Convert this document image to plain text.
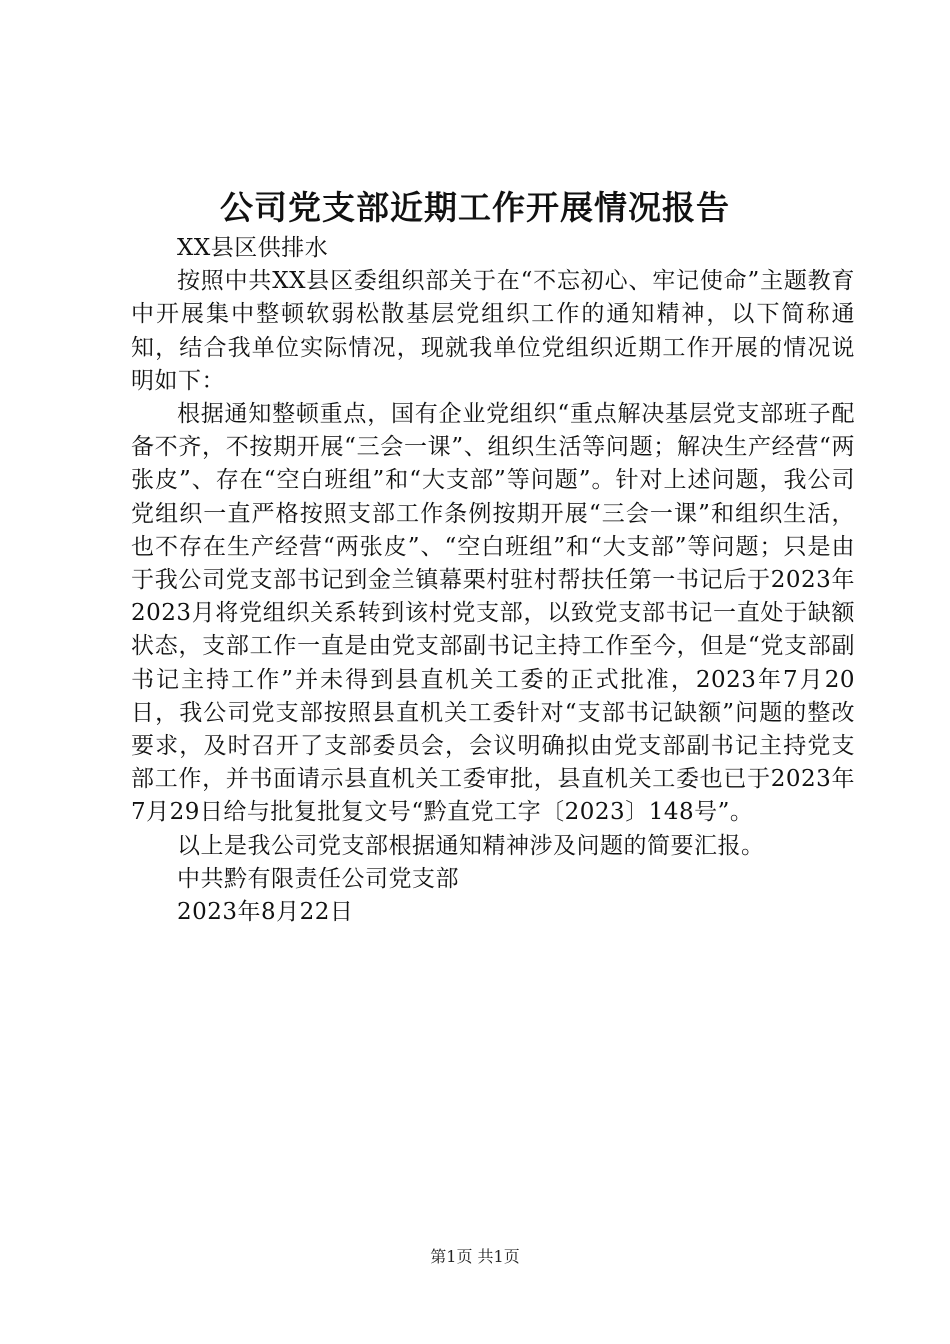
公司党支部近期工作开展情况报告

XX县区供排水

按照中共XX县区委组织部关于在“不忘初心、牢记使命”主题教育中开展集中整顿软弱松散基层党组织工作的通知精神，以下简称通知，结合我单位实际情况，现就我单位党组织近期工作开展的情况说明如下：

根据通知整顿重点，国有企业党组织“重点解决基层党支部班子配备不齐，不按期开展“三会一课”、组织生活等问题；解决生产经营“两张皮”、存在“空白班组”和“大支部”等问题”。针对上述问题，我公司党组织一直严格按照支部工作条例按期开展“三会一课”和组织生活，也不存在生产经营“两张皮”、“空白班组”和“大支部”等问题；只是由于我公司党支部书记到金兰镇幕栗村驻村帮扶任第一书记后于2023年2023月将党组织关系转到该村党支部，以致党支部书记一直处于缺额状态，支部工作一直是由党支部副书记主持工作至今，但是“党支部副书记主持工作”并未得到县直机关工委的正式批准，2023年7月20日，我公司党支部按照县直机关工委针对“支部书记缺额”问题的整改要求，及时召开了支部委员会，会议明确拟由党支部副书记主持党支部工作，并书面请示县直机关工委审批，县直机关工委也已于2023年7月29日给与批复批复文号“黔直党工字〔2023〕148号”。

以上是我公司党支部根据通知精神涉及问题的简要汇报。

中共黔有限责任公司党支部

2023年8月22日

第1页 共1页
